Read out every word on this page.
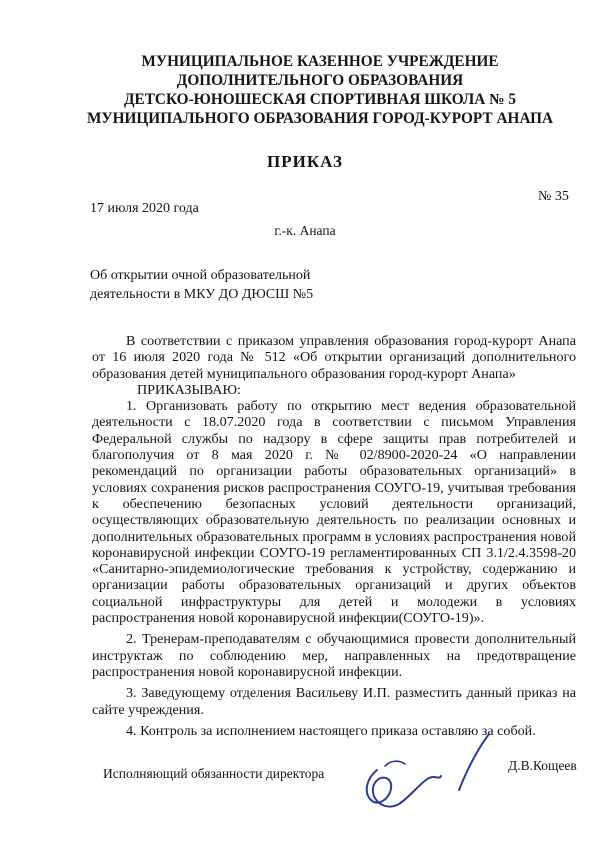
МУНИЦИПАЛЬНОЕ КАЗЕННОЕ УЧРЕЖДЕНИЕ
ДОПОЛНИТЕЛЬНОГО ОБРАЗОВАНИЯ
ДЕТСКО-ЮНОШЕСКАЯ СПОРТИВНАЯ ШКОЛА № 5
МУНИЦИПАЛЬНОГО ОБРАЗОВАНИЯ ГОРОД-КУРОРТ АНАПА
ПРИКАЗ
17 июля 2020 года
№ 35
г.-к. Анапа
Об открытии очной образовательной
деятельности в МКУ ДО ДЮСШ №5

В соответствии с приказом управления образования город-курорт Анапа от 16 июля 2020 года № 512 «Об открытии организаций дополнительного образования детей муниципального образования город-курорт Анапа»

ПРИКАЗЫВАЮ:

1. Организовать работу по открытию мест ведения образовательной деятельности с 18.07.2020 года в соответствии с письмом Управления Федеральной службы по надзору в сфере защиты прав потребителей и благополучия от 8 мая 2020 г. № 02/8900-2020-24 «О направлении рекомендаций по организации работы образовательных организаций» в условиях сохранения рисков распространения СОУГО-19, учитывая требования к обеспечению безопасных условий деятельности организаций, осуществляющих образовательную деятельность по реализации основных и дополнительных образовательных программ в условиях распространения новой коронавирусной инфекции СОУГО-19 регламентированных СП 3.1/2.4.3598-20 «Санитарно-эпидемиологические требования к устройству, содержанию и организации работы образовательных организаций и других объектов социальной инфраструктуры для детей и молодежи в условиях распространения новой коронавирусной инфекции(СОУГО-19)».

2. Тренерам-преподавателям с обучающимися провести дополнительный инструктаж по соблюдению мер, направленных на предотвращение распространения новой коронавирусной инфекции.

3. Заведующему отделения Васильеву И.П. разместить данный приказ на сайте учреждения.

4. Контроль за исполнением настоящего приказа оставляю за собой.

Исполняющий обязанности директора
Д.В.Кощеев
